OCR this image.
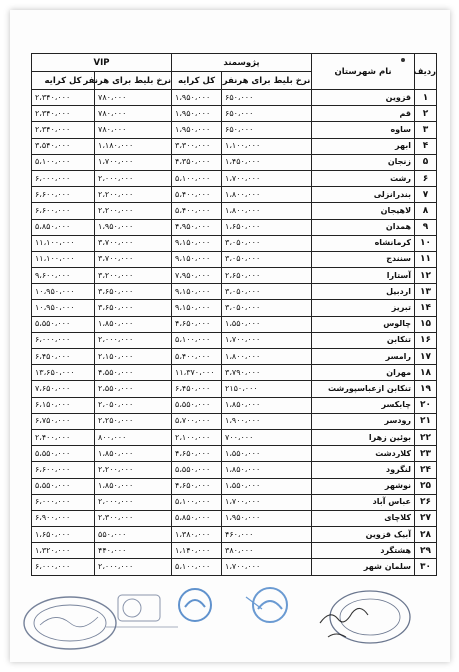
ردیف	نام شهرستان	پژوسمند		VIP	
		نرخ بلیط برای هرنفر	کل کرایه	نرخ بلیط برای هرنفر	کل کرایه
۱	قزوین	۶۵۰،۰۰۰	۱،۹۵۰،۰۰۰	۷۸۰،۰۰۰	۲،۳۴۰،۰۰۰
۲	قم	۶۵۰،۰۰۰	۱،۹۵۰،۰۰۰	۷۸۰،۰۰۰	۲،۳۴۰،۰۰۰
۳	ساوه	۶۵۰،۰۰۰	۱،۹۵۰،۰۰۰	۷۸۰،۰۰۰	۲،۳۴۰،۰۰۰
۴	ابهر	۱،۱۰۰،۰۰۰	۳،۳۰۰،۰۰۰	۱،۱۸۰،۰۰۰	۳،۵۴۰،۰۰۰
۵	زنجان	۱،۴۵۰،۰۰۰	۴،۳۵۰،۰۰۰	۱،۷۰۰،۰۰۰	۵،۱۰۰،۰۰۰
۶	رشت	۱،۷۰۰،۰۰۰	۵،۱۰۰،۰۰۰	۲،۰۰۰،۰۰۰	۶،۰۰۰،۰۰۰
۷	بندرانزلی	۱،۸۰۰،۰۰۰	۵،۴۰۰،۰۰۰	۲،۲۰۰،۰۰۰	۶،۶۰۰،۰۰۰
۸	لاهیجان	۱،۸۰۰،۰۰۰	۵،۴۰۰،۰۰۰	۲،۲۰۰،۰۰۰	۶،۶۰۰،۰۰۰
۹	همدان	۱،۶۵۰،۰۰۰	۴،۹۵۰،۰۰۰	۱،۹۵۰،۰۰۰	۵،۸۵۰،۰۰۰
۱۰	کرمانشاه	۳،۰۵۰،۰۰۰	۹،۱۵۰،۰۰۰	۳،۷۰۰،۰۰۰	۱۱،۱۰۰،۰۰۰
۱۱	سنندج	۳،۰۵۰،۰۰۰	۹،۱۵۰،۰۰۰	۳،۷۰۰،۰۰۰	۱۱،۱۰۰،۰۰۰
۱۲	آستارا	۲،۶۵۰،۰۰۰	۷،۹۵۰،۰۰۰	۳،۲۰۰،۰۰۰	۹،۶۰۰،۰۰۰
۱۳	اردبیل	۳،۰۵۰،۰۰۰	۹،۱۵۰،۰۰۰	۳،۶۵۰،۰۰۰	۱۰،۹۵۰،۰۰۰
۱۴	تبریز	۳،۰۵۰،۰۰۰	۹،۱۵۰،۰۰۰	۳،۶۵۰،۰۰۰	۱۰،۹۵۰،۰۰۰
۱۵	چالوس	۱،۵۵۰،۰۰۰	۴،۶۵۰،۰۰۰	۱،۸۵۰،۰۰۰	۵،۵۵۰،۰۰۰
۱۶	تنکابن	۱،۷۰۰،۰۰۰	۵،۱۰۰،۰۰۰	۲،۰۰۰،۰۰۰	۶،۰۰۰،۰۰۰
۱۷	رامسر	۱،۸۰۰،۰۰۰	۵،۴۰۰،۰۰۰	۲،۱۵۰،۰۰۰	۶،۴۵۰،۰۰۰
۱۸	مهران	۳،۷۹۰،۰۰۰	۱۱،۳۷۰،۰۰۰	۴،۵۵۰،۰۰۰	۱۳،۶۵۰،۰۰۰
۱۹	تنکابن ازعباسپورشت	۲۱۵۰،۰۰۰	۶،۴۵۰،۰۰۰	۲،۵۵۰،۰۰۰	۷،۶۵۰،۰۰۰
۲۰	چابکسر	۱،۸۵۰،۰۰۰	۵،۵۵۰،۰۰۰	۲،۰۵۰،۰۰۰	۶،۱۵۰،۰۰۰
۲۱	رودسر	۱،۹۰۰،۰۰۰	۵،۷۰۰،۰۰۰	۲،۲۵۰،۰۰۰	۶،۷۵۰،۰۰۰
۲۲	بوئین زهرا	۷۰۰،۰۰۰	۲،۱۰۰،۰۰۰	۸۰۰،۰۰۰	۲،۴۰۰،۰۰۰
۲۳	کلاردشت	۱،۵۵۰،۰۰۰	۴،۶۵۰،۰۰۰	۱،۸۵۰،۰۰۰	۵،۵۵۰،۰۰۰
۲۴	لنگرود	۱،۸۵۰،۰۰۰	۵،۵۵۰،۰۰۰	۲،۲۰۰،۰۰۰	۶،۶۰۰،۰۰۰
۲۵	نوشهر	۱،۵۵۰،۰۰۰	۴،۶۵۰،۰۰۰	۱،۸۵۰،۰۰۰	۵،۵۵۰،۰۰۰
۲۶	عباس آباد	۱،۷۰۰،۰۰۰	۵،۱۰۰،۰۰۰	۲،۰۰۰،۰۰۰	۶،۰۰۰،۰۰۰
۲۷	کلاچای	۱،۹۵۰،۰۰۰	۵،۸۵۰،۰۰۰	۲،۳۰۰،۰۰۰	۶،۹۰۰،۰۰۰
۲۸	آبیک قزوین	۴۶۰،۰۰۰	۱،۳۸۰،۰۰۰	۵۵۰،۰۰۰	۱،۶۵۰،۰۰۰
۲۹	هشتگرد	۳۸۰،۰۰۰	۱،۱۴۰،۰۰۰	۴۴۰،۰۰۰	۱،۳۲۰،۰۰۰
۳۰	سلمان شهر	۱،۷۰۰،۰۰۰	۵،۱۰۰،۰۰۰	۲،۰۰۰،۰۰۰	۶،۰۰۰،۰۰۰
